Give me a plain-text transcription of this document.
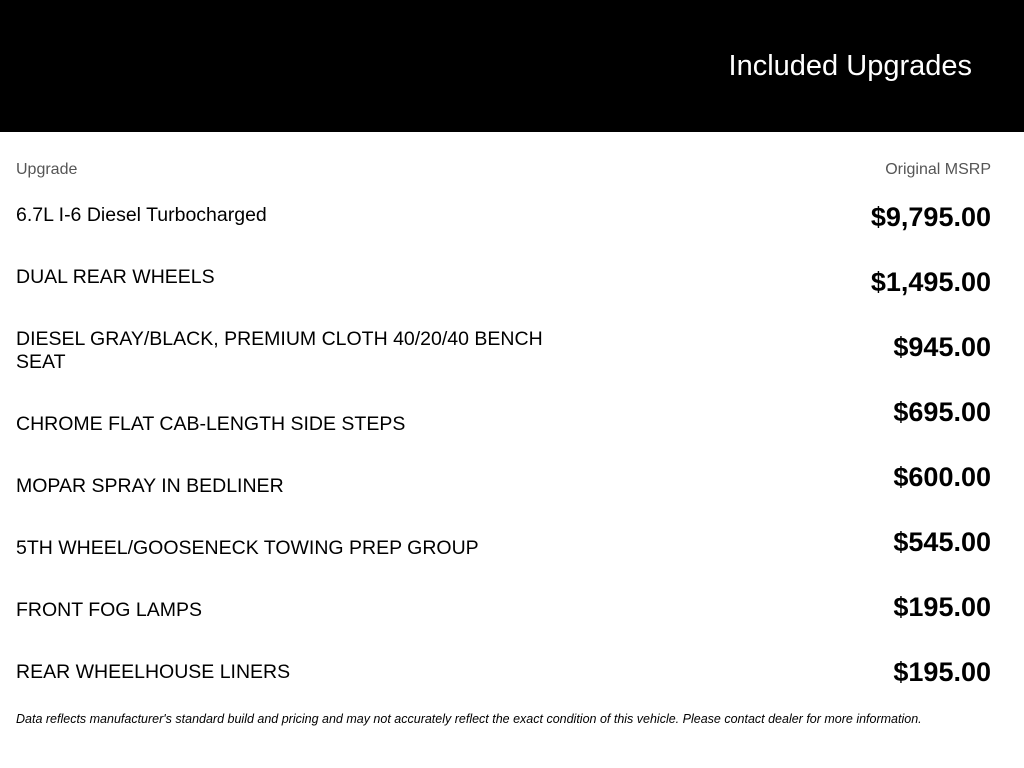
Included Upgrades
Upgrade	Original MSRP
6.7L I-6 Diesel Turbocharged	$9,795.00
DUAL REAR WHEELS	$1,495.00
DIESEL GRAY/BLACK, PREMIUM CLOTH 40/20/40 BENCH SEAT	$945.00
CHROME FLAT CAB-LENGTH SIDE STEPS	$695.00
MOPAR SPRAY IN BEDLINER	$600.00
5TH WHEEL/GOOSENECK TOWING PREP GROUP	$545.00
FRONT FOG LAMPS	$195.00
REAR WHEELHOUSE LINERS	$195.00
Data reflects manufacturer's standard build and pricing and may not accurately reflect the exact condition of this vehicle. Please contact dealer for more information.
